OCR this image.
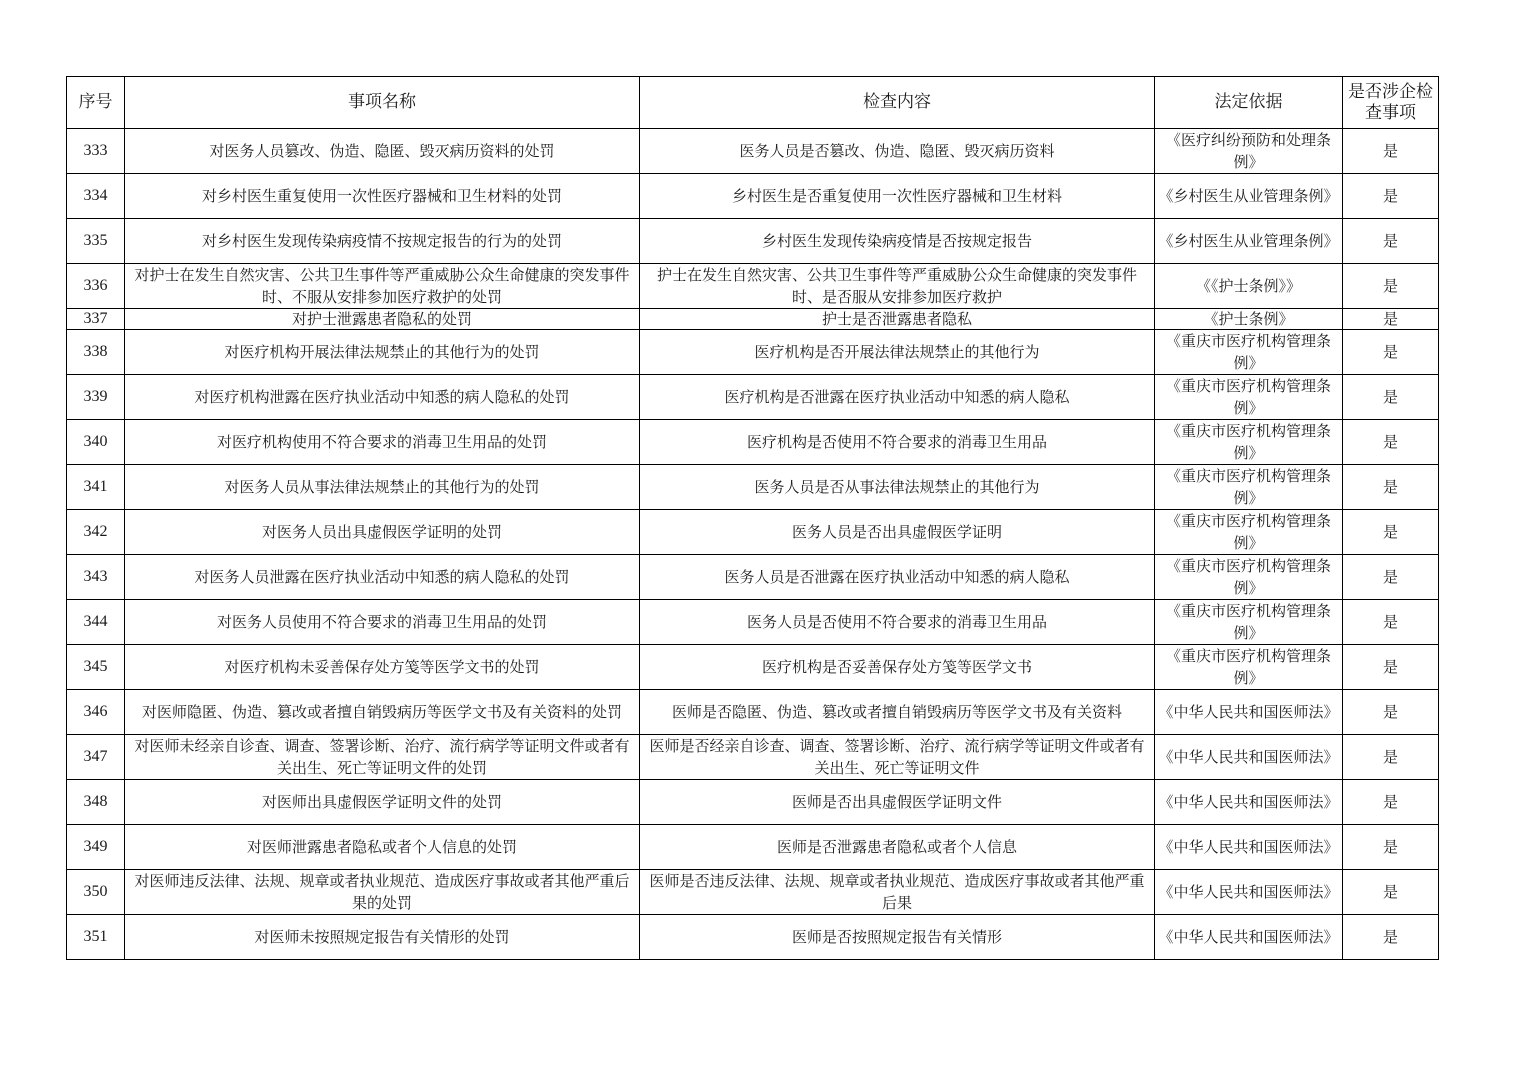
序号	事项名称	检查内容	法定依据	是否涉企检查事项
333	对医务人员篡改、伪造、隐匿、毁灭病历资料的处罚	医务人员是否篡改、伪造、隐匿、毁灭病历资料	《医疗纠纷预防和处理条例》	是
334	对乡村医生重复使用一次性医疗器械和卫生材料的处罚	乡村医生是否重复使用一次性医疗器械和卫生材料	《乡村医生从业管理条例》	是
335	对乡村医生发现传染病疫情不按规定报告的行为的处罚	乡村医生发现传染病疫情是否按规定报告	《乡村医生从业管理条例》	是
336	对护士在发生自然灾害、公共卫生事件等严重威胁公众生命健康的突发事件时、不服从安排参加医疗救护的处罚	护士在发生自然灾害、公共卫生事件等严重威胁公众生命健康的突发事件时、是否服从安排参加医疗救护	《《护士条例》》	是
337	对护士泄露患者隐私的处罚	护士是否泄露患者隐私	《护士条例》	是
338	对医疗机构开展法律法规禁止的其他行为的处罚	医疗机构是否开展法律法规禁止的其他行为	《重庆市医疗机构管理条例》	是
339	对医疗机构泄露在医疗执业活动中知悉的病人隐私的处罚	医疗机构是否泄露在医疗执业活动中知悉的病人隐私	《重庆市医疗机构管理条例》	是
340	对医疗机构使用不符合要求的消毒卫生用品的处罚	医疗机构是否使用不符合要求的消毒卫生用品	《重庆市医疗机构管理条例》	是
341	对医务人员从事法律法规禁止的其他行为的处罚	医务人员是否从事法律法规禁止的其他行为	《重庆市医疗机构管理条例》	是
342	对医务人员出具虚假医学证明的处罚	医务人员是否出具虚假医学证明	《重庆市医疗机构管理条例》	是
343	对医务人员泄露在医疗执业活动中知悉的病人隐私的处罚	医务人员是否泄露在医疗执业活动中知悉的病人隐私	《重庆市医疗机构管理条例》	是
344	对医务人员使用不符合要求的消毒卫生用品的处罚	医务人员是否使用不符合要求的消毒卫生用品	《重庆市医疗机构管理条例》	是
345	对医疗机构未妥善保存处方笺等医学文书的处罚	医疗机构是否妥善保存处方笺等医学文书	《重庆市医疗机构管理条例》	是
346	对医师隐匿、伪造、篡改或者擅自销毁病历等医学文书及有关资料的处罚	医师是否隐匿、伪造、篡改或者擅自销毁病历等医学文书及有关资料	《中华人民共和国医师法》	是
347	对医师未经亲自诊查、调查、签署诊断、治疗、流行病学等证明文件或者有关出生、死亡等证明文件的处罚	医师是否经亲自诊查、调查、签署诊断、治疗、流行病学等证明文件或者有关出生、死亡等证明文件	《中华人民共和国医师法》	是
348	对医师出具虚假医学证明文件的处罚	医师是否出具虚假医学证明文件	《中华人民共和国医师法》	是
349	对医师泄露患者隐私或者个人信息的处罚	医师是否泄露患者隐私或者个人信息	《中华人民共和国医师法》	是
350	对医师违反法律、法规、规章或者执业规范、造成医疗事故或者其他严重后果的处罚	医师是否违反法律、法规、规章或者执业规范、造成医疗事故或者其他严重后果	《中华人民共和国医师法》	是
351	对医师未按照规定报告有关情形的处罚	医师是否按照规定报告有关情形	《中华人民共和国医师法》	是
